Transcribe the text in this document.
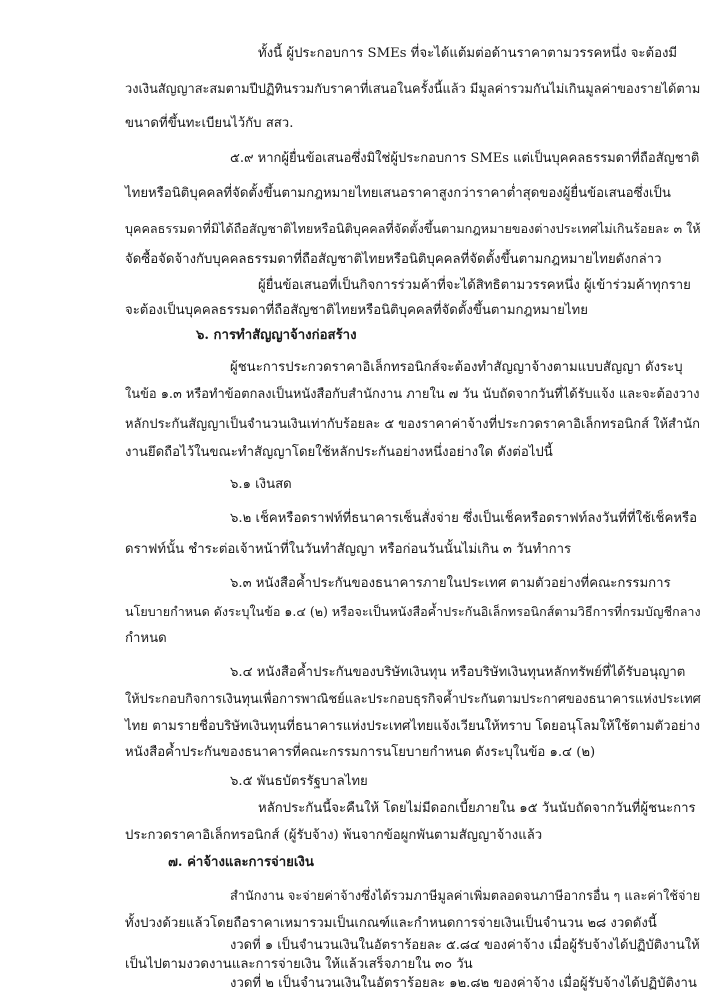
ทั้งนี้ ผู้ประกอบการ SMEs ที่จะได้แต้มต่อด้านราคาตามวรรคหนึ่ง จะต้องมี

วงเงินสัญญาสะสมตามปีปฏิทินรวมกับราคาที่เสนอในครั้งนี้แล้ว มีมูลค่ารวมกันไม่เกินมูลค่าของรายได้ตาม

ขนาดที่ขึ้นทะเบียนไว้กับ สสว.

๕.๙ หากผู้ยื่นข้อเสนอซึ่งมิใช่ผู้ประกอบการ SMEs แต่เป็นบุคคลธรรมดาที่ถือสัญชาติ

ไทยหรือนิติบุคคลที่จัดตั้งขึ้นตามกฎหมายไทยเสนอราคาสูงกว่าราคาต่ำสุดของผู้ยื่นข้อเสนอซึ่งเป็น

บุคคลธรรมดาที่มิได้ถือสัญชาติไทยหรือนิติบุคคลที่จัดตั้งขึ้นตามกฎหมายของต่างประเทศไม่เกินร้อยละ ๓ ให้

จัดซื้อจัดจ้างกับบุคคลธรรมดาที่ถือสัญชาติไทยหรือนิติบุคคลที่จัดตั้งขึ้นตามกฎหมายไทยดังกล่าว

ผู้ยื่นข้อเสนอที่เป็นกิจการร่วมค้าที่จะได้สิทธิตามวรรคหนึ่ง ผู้เข้าร่วมค้าทุกราย

จะต้องเป็นบุคคลธรรมดาที่ถือสัญชาติไทยหรือนิติบุคคลที่จัดตั้งขึ้นตามกฎหมายไทย

๖. การทำสัญญาจ้างก่อสร้าง

ผู้ชนะการประกวดราคาอิเล็กทรอนิกส์จะต้องทำสัญญาจ้างตามแบบสัญญา ดังระบุ

ในข้อ ๑.๓ หรือทำข้อตกลงเป็นหนังสือกับสำนักงาน ภายใน ๗ วัน นับถัดจากวันที่ได้รับแจ้ง และจะต้องวาง

หลักประกันสัญญาเป็นจำนวนเงินเท่ากับร้อยละ ๕ ของราคาค่าจ้างที่ประกวดราคาอิเล็กทรอนิกส์ ให้สำนัก

งานยึดถือไว้ในขณะทำสัญญาโดยใช้หลักประกันอย่างหนึ่งอย่างใด ดังต่อไปนี้

๖.๑ เงินสด

๖.๒ เช็คหรือดราฟท์ที่ธนาคารเซ็นสั่งจ่าย ซึ่งเป็นเช็คหรือดราฟท์ลงวันที่ที่ใช้เช็คหรือ

ดราฟท์นั้น ชำระต่อเจ้าหน้าที่ในวันทำสัญญา หรือก่อนวันนั้นไม่เกิน ๓ วันทำการ

๖.๓ หนังสือค้ำประกันของธนาคารภายในประเทศ ตามตัวอย่างที่คณะกรรมการ

นโยบายกำหนด ดังระบุในข้อ ๑.๔ (๒) หรือจะเป็นหนังสือค้ำประกันอิเล็กทรอนิกส์ตามวิธีการที่กรมบัญชีกลาง

กำหนด

๖.๔ หนังสือค้ำประกันของบริษัทเงินทุน หรือบริษัทเงินทุนหลักทรัพย์ที่ได้รับอนุญาต

ให้ประกอบกิจการเงินทุนเพื่อการพาณิชย์และประกอบธุรกิจค้ำประกันตามประกาศของธนาคารแห่งประเทศ

ไทย ตามรายชื่อบริษัทเงินทุนที่ธนาคารแห่งประเทศไทยแจ้งเวียนให้ทราบ โดยอนุโลมให้ใช้ตามตัวอย่าง

หนังสือค้ำประกันของธนาคารที่คณะกรรมการนโยบายกำหนด ดังระบุในข้อ ๑.๔ (๒)

๖.๕ พันธบัตรรัฐบาลไทย

หลักประกันนี้จะคืนให้ โดยไม่มีดอกเบี้ยภายใน ๑๕ วันนับถัดจากวันที่ผู้ชนะการ

ประกวดราคาอิเล็กทรอนิกส์ (ผู้รับจ้าง) พ้นจากข้อผูกพันตามสัญญาจ้างแล้ว

๗. ค่าจ้างและการจ่ายเงิน

สำนักงาน จะจ่ายค่าจ้างซึ่งได้รวมภาษีมูลค่าเพิ่มตลอดจนภาษีอากรอื่น ๆ และค่าใช้จ่าย

ทั้งปวงด้วยแล้วโดยถือราคาเหมารวมเป็นเกณฑ์และกำหนดการจ่ายเงินเป็นจำนวน ๒๘ งวดดังนี้

งวดที่ ๑ เป็นจำนวนเงินในอัตราร้อยละ ๕.๘๔ ของค่าจ้าง เมื่อผู้รับจ้างได้ปฏิบัติงานให้

เป็นไปตามงวดงานและการจ่ายเงิน ให้แล้วเสร็จภายใน ๓๐ วัน

งวดที่ ๒ เป็นจำนวนเงินในอัตราร้อยละ ๑๒.๘๒ ของค่าจ้าง เมื่อผู้รับจ้างได้ปฏิบัติงาน
